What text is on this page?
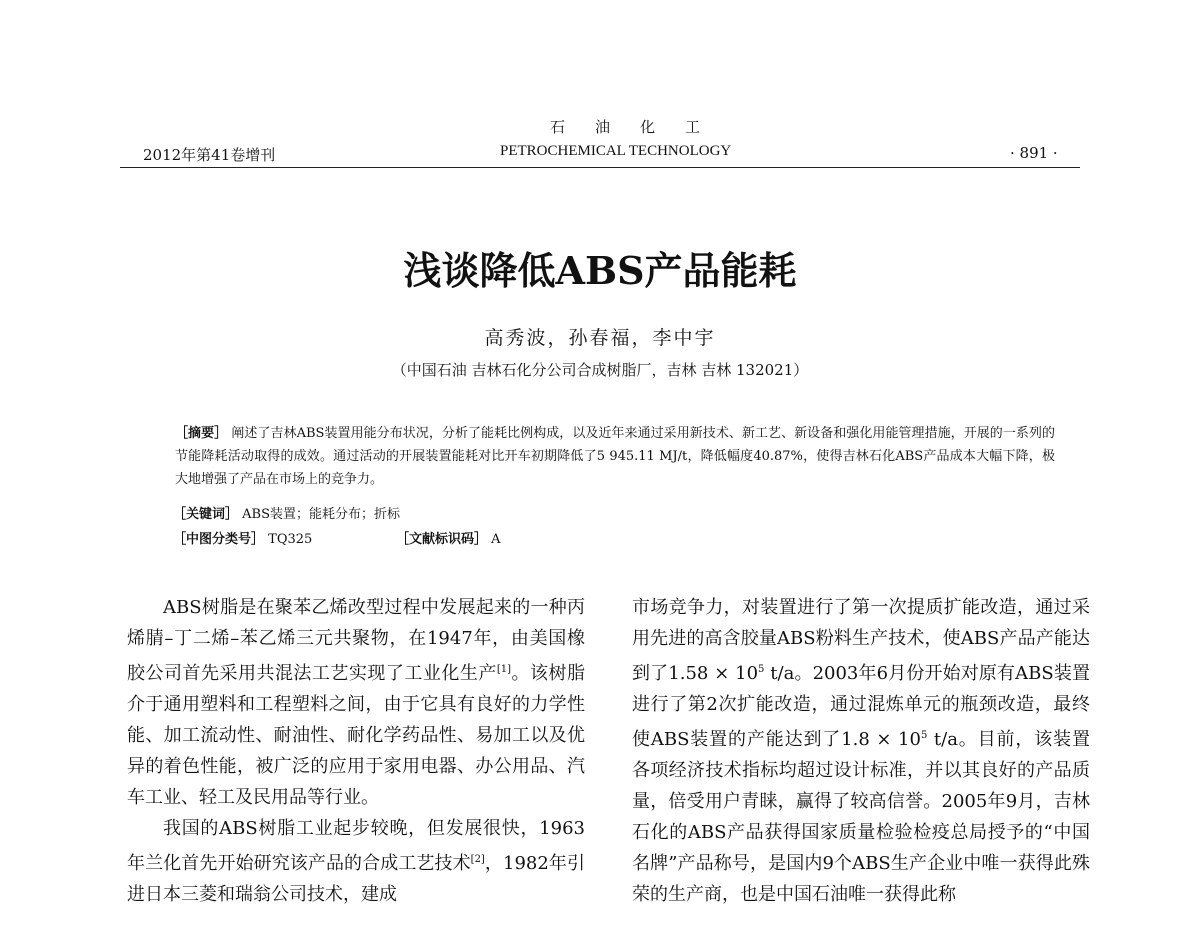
2012年第41卷增刊
石油化工
PETROCHEMICAL TECHNOLOGY	· 891 ·
浅谈降低ABS产品能耗
高秀波，孙春福，李中宇
（中国石油 吉林石化分公司合成树脂厂，吉林 吉林 132021）
［摘要］ 阐述了吉林ABS装置用能分布状况，分析了能耗比例构成，以及近年来通过采用新技术、新工艺、新设备和强化用能管理措施，开展的一系列的节能降耗活动取得的成效。通过活动的开展装置能耗对比开车初期降低了5 945.11 MJ/t，降低幅度40.87%，使得吉林石化ABS产品成本大幅下降，极大地增强了产品在市场上的竞争力。
［关键词］ ABS装置；能耗分布；折标
［中图分类号］ TQ325	［文献标识码］ A

ABS树脂是在聚苯乙烯改型过程中发展起来的一种丙烯腈–丁二烯–苯乙烯三元共聚物，在1947年，由美国橡胶公司首先采用共混法工艺实现了工业化生产[1]。该树脂介于通用塑料和工程塑料之间，由于它具有良好的力学性能、加工流动性、耐油性、耐化学药品性、易加工以及优异的着色性能，被广泛的应用于家用电器、办公用品、汽车工业、轻工及民用品等行业。

我国的ABS树脂工业起步较晚，但发展很快，1963年兰化首先开始研究该产品的合成工艺技术[2]，1982年引进日本三菱和瑞翁公司技术，建成

市场竞争力，对装置进行了第一次提质扩能改造，通过采用先进的高含胶量ABS粉料生产技术，使ABS产品产能达到了$1.58 \times 10^5$ t/a。2003年6月份开始对原有ABS装置进行了第2次扩能改造，通过混炼单元的瓶颈改造，最终使ABS装置的产能达到了$1.8 \times 10^5$ t/a。目前，该装置各项经济技术指标均超过设计标准，并以其良好的产品质量，倍受用户青睐，赢得了较高信誉。2005年9月，吉林石化的ABS产品获得国家质量检验检疫总局授予的“中国名牌”产品称号，是国内9个ABS生产企业中唯一获得此殊荣的生产商，也是中国石油唯一获得此称
